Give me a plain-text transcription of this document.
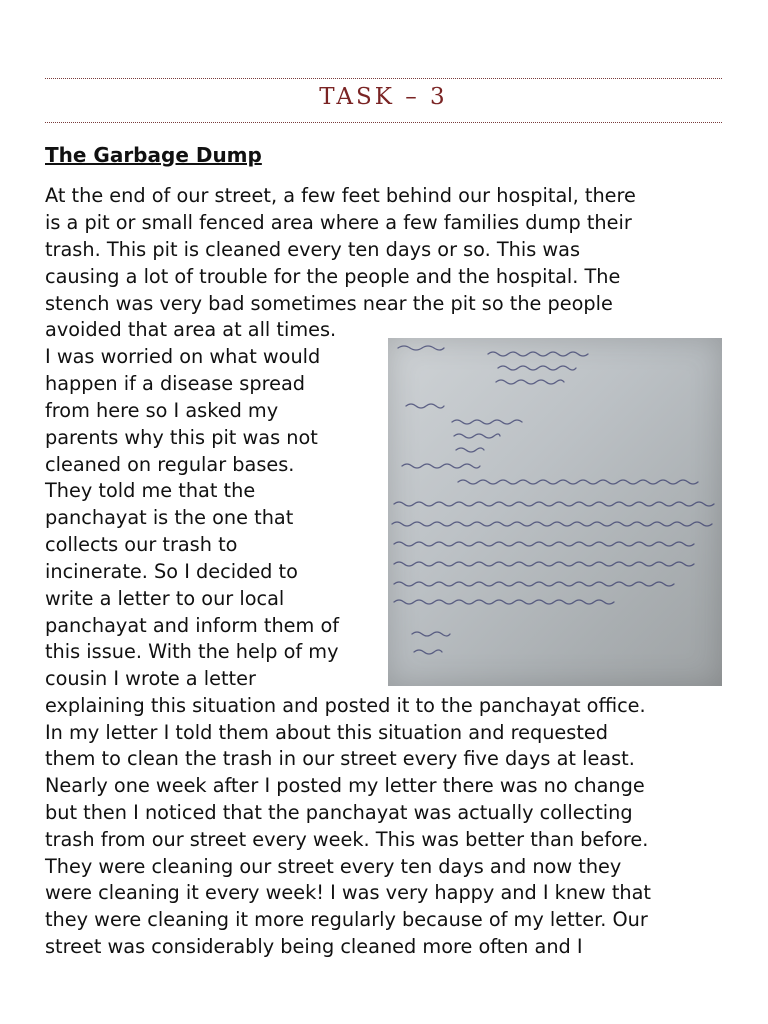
TASK – 3
The Garbage Dump
At the end of our street, a few feet behind our hospital, there
is a pit or small fenced area where a few families dump their
trash. This pit is cleaned every ten days or so. This was
causing a lot of trouble for the people and the hospital. The
stench was very bad sometimes near the pit so the people
avoided that area at all times.
I was worried on what would
happen if a disease spread
from here so I asked my
parents why this pit was not
cleaned on regular bases.
They told me that the
panchayat is the one that
collects our trash to
incinerate. So I decided to
write a letter to our local
panchayat and inform them of
this issue. With the help of my
cousin I wrote a letter
explaining this situation and posted it to the panchayat office.
In my letter I told them about this situation and requested
them to clean the trash in our street every five days at least.
Nearly one week after I posted my letter there was no change
but then I noticed that the panchayat was actually collecting
trash from our street every week. This was better than before.
They were cleaning our street every ten days and now they
were cleaning it every week! I was very happy and I knew that
they were cleaning it more regularly because of my letter. Our
street was considerably being cleaned more often and I
